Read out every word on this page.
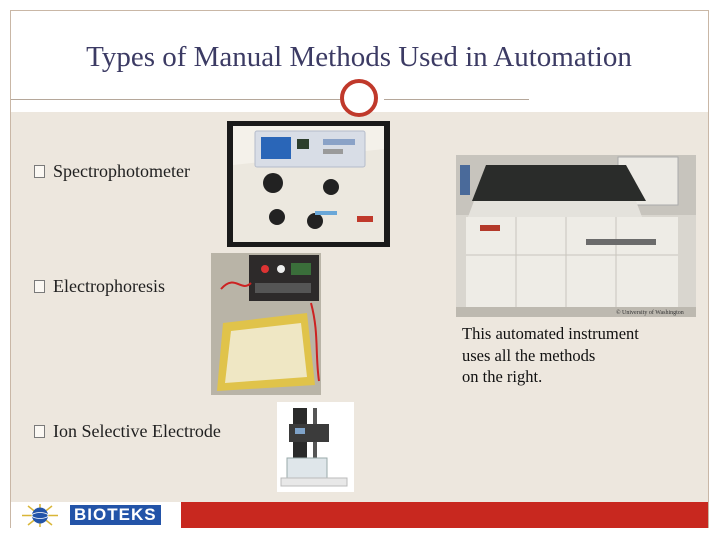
Types of Manual Methods Used in Automation
Spectrophotometer
Electrophoresis
Ion Selective Electrode
© University of Washington
This automated instrument
uses all the methods
on the right.
BIOTEKS
